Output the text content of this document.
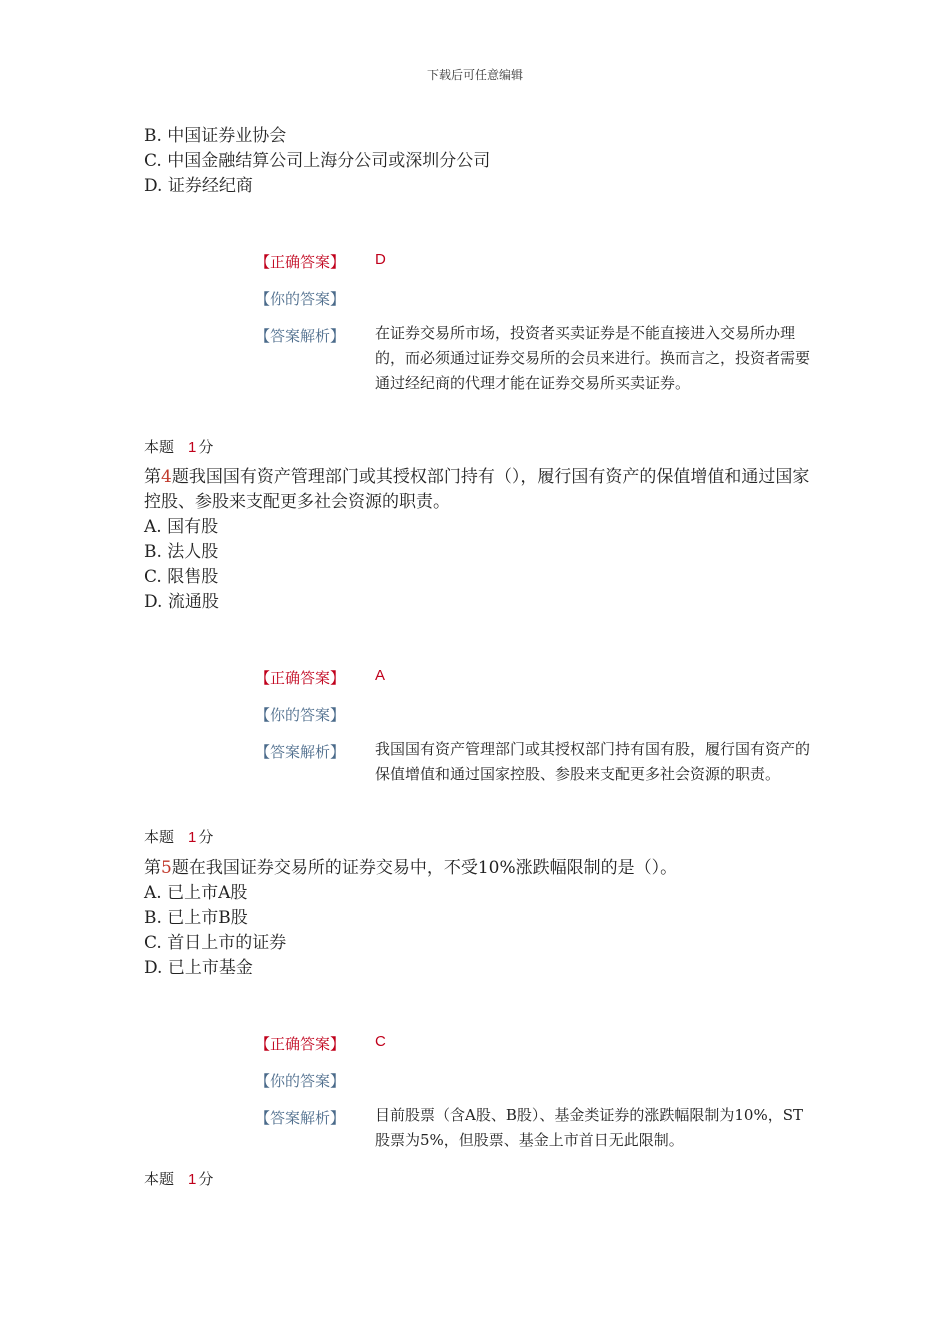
下载后可任意编辑
B. 中国证券业协会
C. 中国金融结算公司上海分公司或深圳分公司
D. 证券经纪商
【正确答案】 D
【你的答案】
【答案解析】 在证券交易所市场，投资者买卖证券是不能直接进入交易所办理的，而必须通过证券交易所的会员来进行。换而言之，投资者需要通过经纪商的代理才能在证券交易所买卖证券。
本题 1 分
第4题我国国有资产管理部门或其授权部门持有（），履行国有资产的保值增值和通过国家控股、参股来支配更多社会资源的职责。
A. 国有股
B. 法人股
C. 限售股
D. 流通股
【正确答案】 A
【你的答案】
【答案解析】 我国国有资产管理部门或其授权部门持有国有股，履行国有资产的保值增值和通过国家控股、参股来支配更多社会资源的职责。
本题 1 分
第5题在我国证券交易所的证券交易中，不受10%涨跌幅限制的是（）。
A. 已上市A股
B. 已上市B股
C. 首日上市的证券
D. 已上市基金
【正确答案】 C
【你的答案】
【答案解析】 目前股票（含A股、B股）、基金类证券的涨跌幅限制为10%，ST股票为5%，但股票、基金上市首日无此限制。
本题 1 分
